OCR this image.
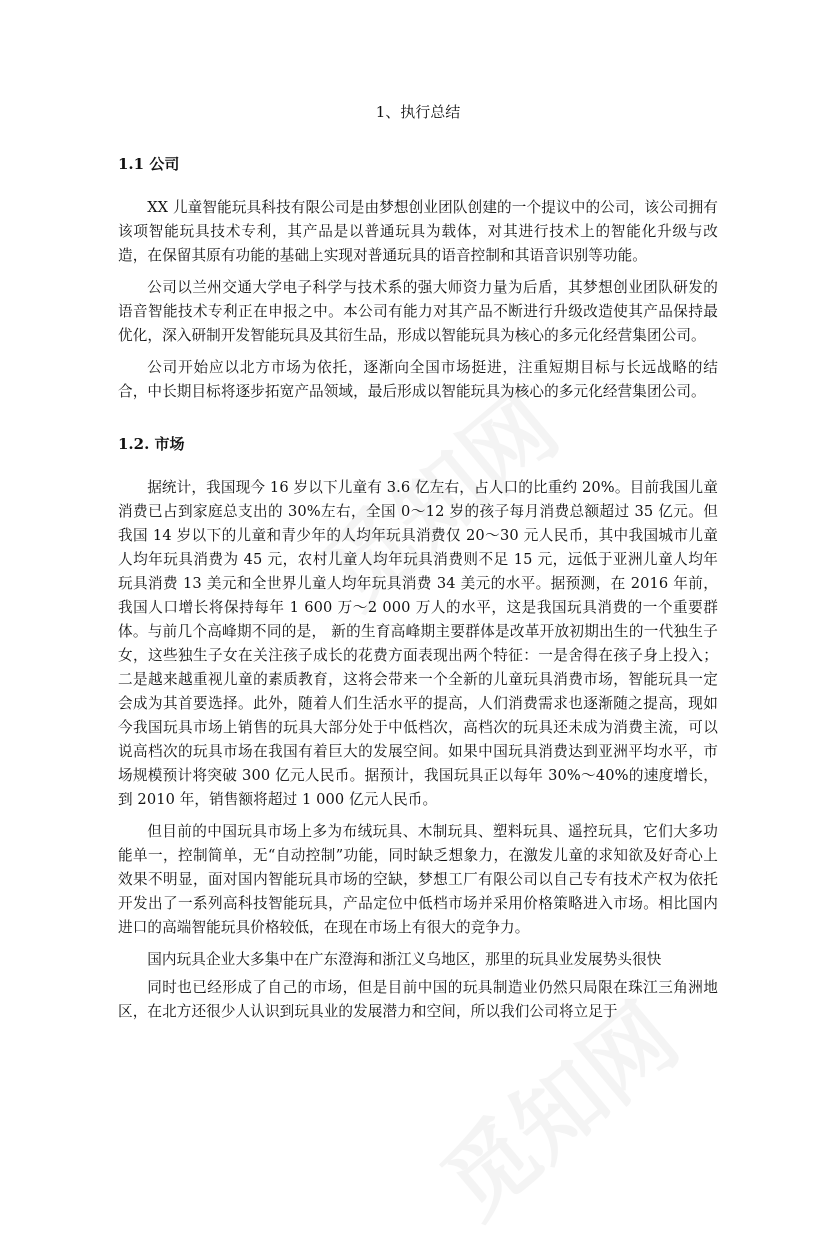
1、执行总结
1.1 公司

XX 儿童智能玩具科技有限公司是由梦想创业团队创建的一个提议中的公司，该公司拥有该项智能玩具技术专利，其产品是以普通玩具为载体，对其进行技术上的智能化升级与改造，在保留其原有功能的基础上实现对普通玩具的语音控制和其语音识别等功能。

公司以兰州交通大学电子科学与技术系的强大师资力量为后盾，其梦想创业团队研发的语音智能技术专利正在申报之中。本公司有能力对其产品不断进行升级改造使其产品保持最优化，深入研制开发智能玩具及其衍生品，形成以智能玩具为核心的多元化经营集团公司。

公司开始应以北方市场为依托，逐渐向全国市场挺进，注重短期目标与长远战略的结合，中长期目标将逐步拓宽产品领域，最后形成以智能玩具为核心的多元化经营集团公司。

1.2. 市场

据统计，我国现今 16 岁以下儿童有 3.6 亿左右，占人口的比重约 20%。目前我国儿童消费已占到家庭总支出的 30%左右，全国 0～12 岁的孩子每月消费总额超过 35 亿元。但我国 14 岁以下的儿童和青少年的人均年玩具消费仅 20～30 元人民币，其中我国城市儿童人均年玩具消费为 45 元，农村儿童人均年玩具消费则不足 15 元，远低于亚洲儿童人均年玩具消费 13 美元和全世界儿童人均年玩具消费 34 美元的水平。据预测，在 2016 年前，我国人口增长将保持每年 1 600 万～2 000 万人的水平，这是我国玩具消费的一个重要群体。与前几个高峰期不同的是， 新的生育高峰期主要群体是改革开放初期出生的一代独生子女，这些独生子女在关注孩子成长的花费方面表现出两个特征：一是舍得在孩子身上投入；二是越来越重视儿童的素质教育，这将会带来一个全新的儿童玩具消费市场，智能玩具一定会成为其首要选择。此外，随着人们生活水平的提高，人们消费需求也逐渐随之提高，现如今我国玩具市场上销售的玩具大部分处于中低档次，高档次的玩具还未成为消费主流，可以说高档次的玩具市场在我国有着巨大的发展空间。如果中国玩具消费达到亚洲平均水平，市场规模预计将突破 300 亿元人民币。据预计，我国玩具正以每年 30%～40%的速度增长，到 2010 年，销售额将超过 1 000 亿元人民币。

但目前的中国玩具市场上多为布绒玩具、木制玩具、塑料玩具、遥控玩具，它们大多功能单一，控制简单，无“自动控制”功能，同时缺乏想象力，在激发儿童的求知欲及好奇心上效果不明显，面对国内智能玩具市场的空缺，梦想工厂有限公司以自己专有技术产权为依托开发出了一系列高科技智能玩具，产品定位中低档市场并采用价格策略进入市场。相比国内进口的高端智能玩具价格较低，在现在市场上有很大的竞争力。

国内玩具企业大多集中在广东澄海和浙江义乌地区，那里的玩具业发展势头很快

同时也已经形成了自己的市场，但是目前中国的玩具制造业仍然只局限在珠江三角洲地区，在北方还很少人认识到玩具业的发展潜力和空间，所以我们公司将立足于
